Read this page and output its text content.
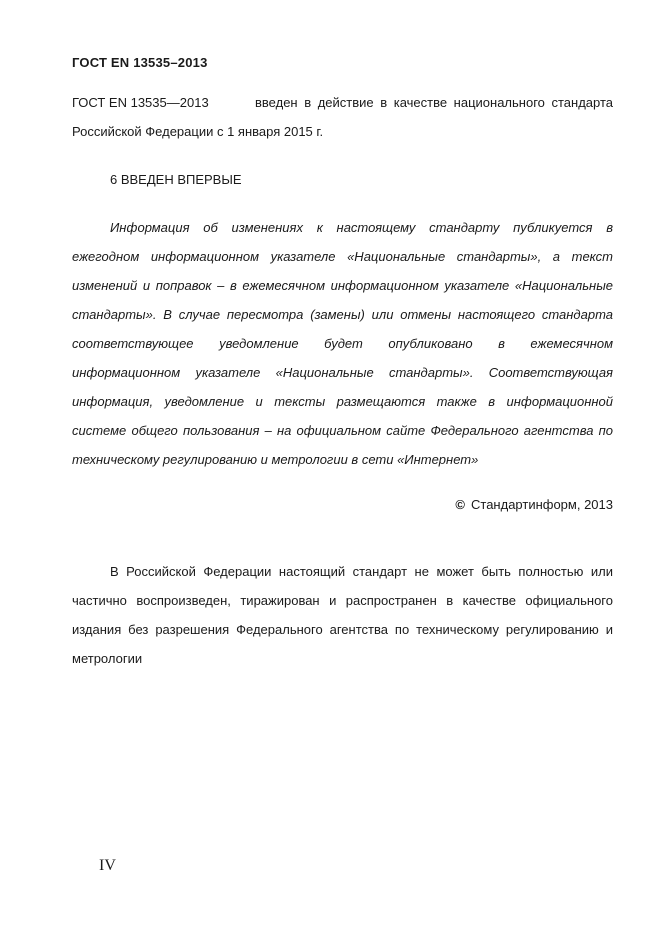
ГОСТ EN 13535–2013
ГОСТ EN 13535—2013	введен в действие в качестве национального стандарта
Российской Федерации с 1 января 2015 г.
6 ВВЕДЕН ВПЕРВЫЕ

Информация об изменениях к настоящему стандарту публикуется в ежегодном информационном указателе «Национальные стандарты», а текст изменений и поправок – в ежемесячном информационном указателе «Национальные стандарты». В случае пересмотра (замены) или отмены настоящего стандарта соответствующее уведомление будет опубликовано в ежемесячном информационном указателе «Национальные стандарты». Соответствующая информация, уведомление и тексты размещаются также в информационной системе общего пользования – на официальном сайте Федерального агентства по техническому регулированию и метрологии в сети «Интернет»

© Стандартинформ, 2013

В Российской Федерации настоящий стандарт не может быть полностью или частично воспроизведен, тиражирован и распространен в качестве официального издания без разрешения Федерального агентства по техническому регулированию и метрологии

IV
